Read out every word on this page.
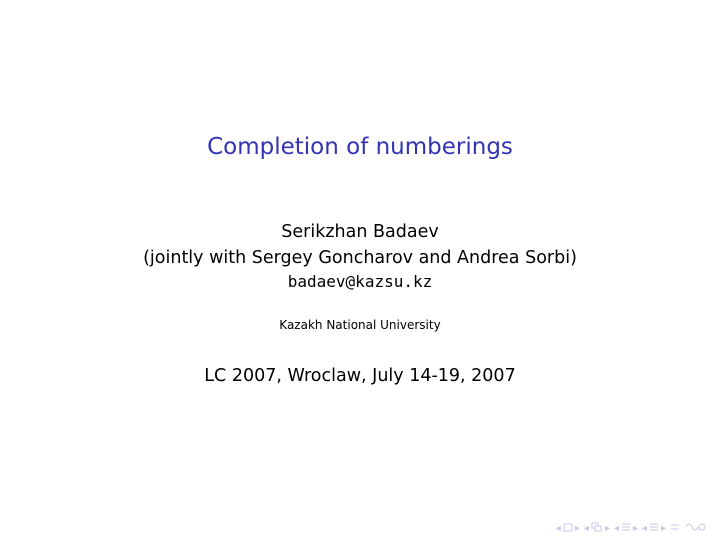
Completion of numberings
Serikzhan Badaev
(jointly with Sergey Goncharov and Andrea Sorbi)
badaev@kazsu.kz
Kazakh National University
LC 2007, Wroclaw, July 14-19, 2007
◂ ▸ ◂ ▸ ◂ ▸ ◂ ▸
